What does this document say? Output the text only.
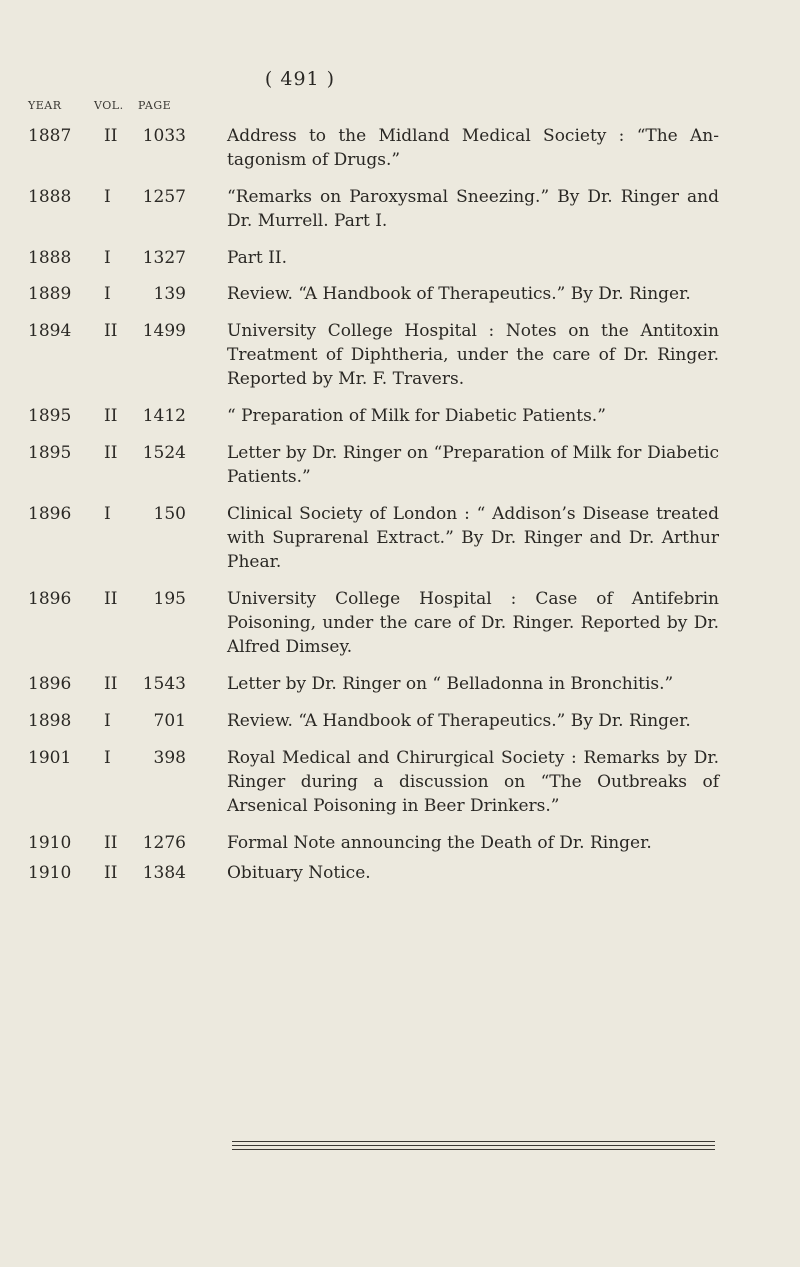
( 491 )
YEAR	VOL. PAGE
1887	II	1033 Address to the Midland Medical Society : “The An- tagonism of Drugs.”
1888	I	1257 “Remarks on Paroxysmal Sneezing.” By Dr. Ringer and Dr. Murrell. Part I.
1888	I	1327 Part II.
1889	I	139 Review. “A Handbook of Therapeutics.” By Dr. Ringer.
1894	II	1499 University College Hospital : Notes on the Antitoxin Treatment of Diphtheria, under the care of Dr. Ringer. Reported by Mr. F. Travers.
1895	II	1412 “ Preparation of Milk for Diabetic Patients.”
1895	II	1524 Letter by Dr. Ringer on “Preparation of Milk for Diabetic Patients.”
1896	I	150 Clinical Society of London : “ Addison’s Disease treated with Suprarenal Extract.” By Dr. Ringer and Dr. Arthur Phear.
1896	II	195 University College Hospital : Case of Antifebrin Poisoning, under the care of Dr. Ringer. Reported by Dr. Alfred Dimsey.
1896	II	1543 Letter by Dr. Ringer on “ Belladonna in Bronchitis.”
1898	I	701 Review. “A Handbook of Therapeutics.” By Dr. Ringer.
1901	I	398 Royal Medical and Chirurgical Society : Remarks by Dr. Ringer during a discussion on “The Outbreaks of Arsenical Poisoning in Beer Drinkers.”
1910	II	1276 Formal Note announcing the Death of Dr. Ringer.
1910	II	1384 Obituary Notice.
